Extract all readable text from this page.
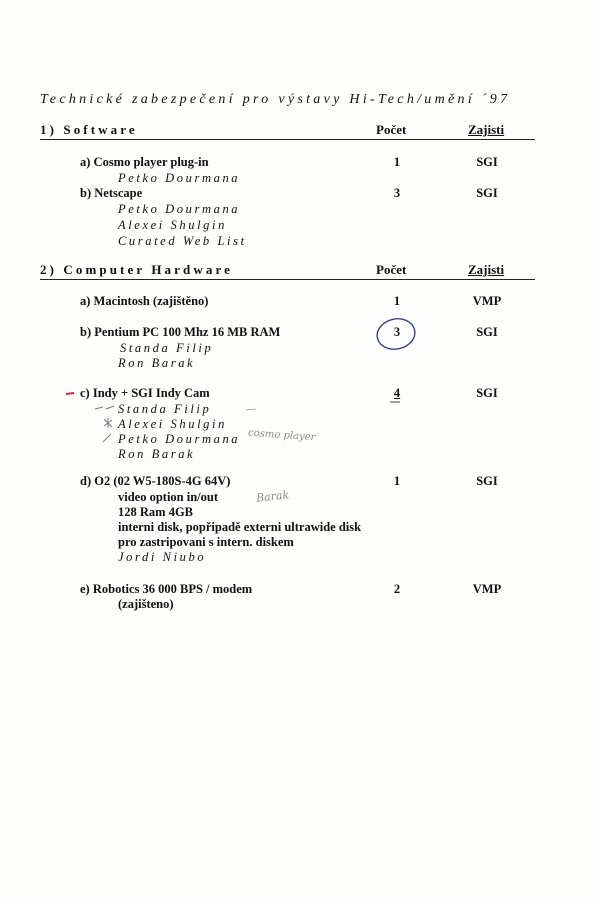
Technické zabezpečení pro výstavy Hi-Tech/umění ´97
1) Software	Počet	Zajisti
a) Cosmo player plug-in	1	SGI
Petko Dourmana
b) Netscape	3	SGI
Petko Dourmana
Alexei Shulgin
Curated Web List
2) Computer Hardware	Počet	Zajisti
a) Macintosh (zajištěno)	1	VMP
b) Pentium PC 100 Mhz 16 MB RAM	3	SGI
Standa Filip
Ron Barak
c) Indy + SGI Indy Cam	4	SGI
Standa Filip
Alexei Shulgin
Petko Dourmana
Ron Barak
cosmo player
d) O2 (02 W5-180S-4G 64V)	1	SGI
video option in/out
128 Ram 4GB
interni disk, popřipadě externi ultrawide disk
pro zastripovani s intern. diskem
Jordi Niubo
Barak
e) Robotics 36 000 BPS / modem	2	VMP
(zajišteno)
